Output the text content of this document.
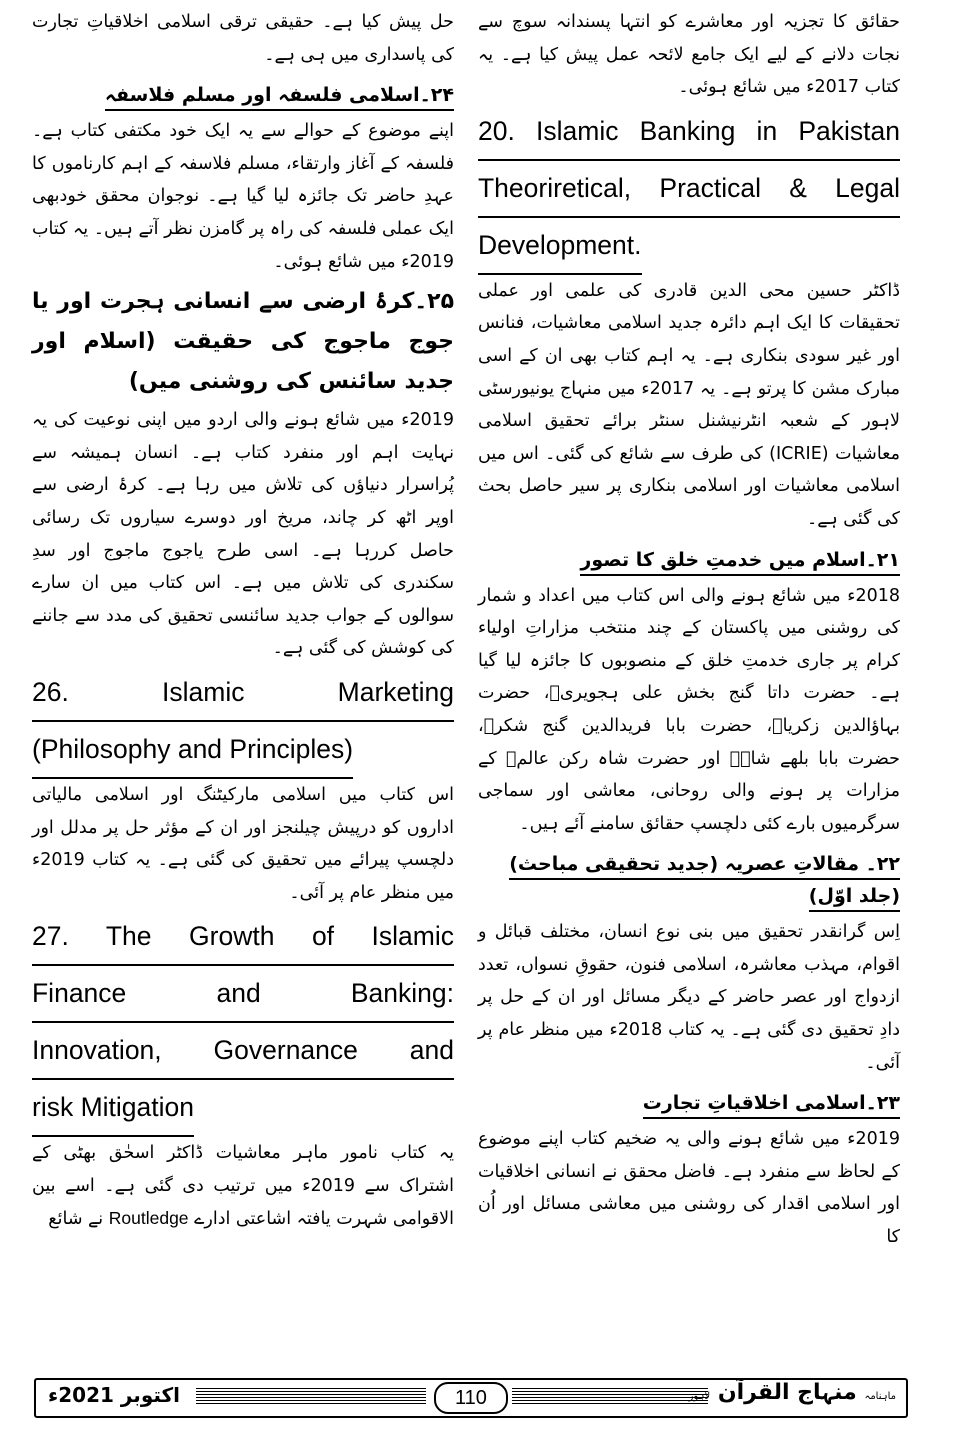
حقائق کا تجزیہ اور معاشرے کو انتہا پسندانہ سوچ سے نجات دلانے کے لیے ایک جامع لائحہ عمل پیش کیا ہے۔ یہ کتاب 2017ء میں شائع ہوئی۔

20. Islamic Banking in Pakistan
Theoriretical, Practical & Legal
Development.

ڈاکٹر حسین محی الدین قادری کی علمی اور عملی تحقیقات کا ایک اہم دائرہ جدید اسلامی معاشیات، فنانس اور غیر سودی بنکاری ہے۔ یہ اہم کتاب بھی ان کے اسی مبارک مشن کا پرتو ہے۔ یہ 2017ء میں منہاج یونیورسٹی لاہور کے شعبہ انٹرنیشنل سنٹر برائے تحقیق اسلامی معاشیات (ICRIE) کی طرف سے شائع کی گئی۔ اس میں اسلامی معاشیات اور اسلامی بنکاری پر سیر حاصل بحث کی گئی ہے۔

۲۱۔اسلام میں خدمتِ خلق کا تصور

2018ء میں شائع ہونے والی اس کتاب میں اعداد و شمار کی روشنی میں پاکستان کے چند منتخب مزاراتِ اولیاء کرام پر جاری خدمتِ خلق کے منصوبوں کا جائزہ لیا گیا ہے۔ حضرت داتا گنج بخش علی ہجویریؒ، حضرت بہاؤالدین زکریاؒ، حضرت بابا فریدالدین گنج شکرؒ، حضرت بابا بلھے شاہؒ اور حضرت شاہ رکن عالمؒ کے مزارات پر ہونے والی روحانی، معاشی اور سماجی سرگرمیوں بارے کئی دلچسپ حقائق سامنے آئے ہیں۔

۲۲۔ مقالاتِ عصریہ (جدید تحقیقی مباحث) (جلد اوّل)

اِس گرانقدر تحقیق میں بنی نوع انسان، مختلف قبائل و اقوام، مہذب معاشرہ، اسلامی فنون، حقوقِ نسواں، تعدد ازدواج اور عصر حاضر کے دیگر مسائل اور ان کے حل پر دادِ تحقیق دی گئی ہے۔ یہ کتاب 2018ء میں منظر عام پر آئی۔

۲۳۔اسلامی اخلاقیاتِ تجارت

2019ء میں شائع ہونے والی یہ ضخیم کتاب اپنے موضوع کے لحاظ سے منفرد ہے۔ فاضل محقق نے انسانی اخلاقیات اور اسلامی اقدار کی روشنی میں معاشی مسائل اور اُن کا

حل پیش کیا ہے۔ حقیقی ترقی اسلامی اخلاقیاتِ تجارت کی پاسداری میں ہی ہے۔

۲۴۔اسلامی فلسفہ اور مسلم فلاسفہ

اپنے موضوع کے حوالے سے یہ ایک خود مکتفی کتاب ہے۔ فلسفہ کے آغاز وارتقاء، مسلم فلاسفہ کے اہم کارناموں کا عہدِ حاضر تک جائزہ لیا گیا ہے۔ نوجوان محقق خودبھی ایک عملی فلسفہ کی راہ پر گامزن نظر آتے ہیں۔ یہ کتاب 2019ء میں شائع ہوئی۔

۲۵۔کرۂ ارضی سے انسانی ہجرت اور یا جوج ماجوج کی حقیقت (اسلام اور جدید سائنس کی روشنی میں)

2019ء میں شائع ہونے والی اردو میں اپنی نوعیت کی یہ نہایت اہم اور منفرد کتاب ہے۔ انسان ہمیشہ سے پُراسرار دنیاؤں کی تلاش میں رہا ہے۔ کرۂ ارضی سے اوپر اٹھ کر چاند، مریخ اور دوسرے سیاروں تک رسائی حاصل کررہا ہے۔ اسی طرح یاجوج ماجوج اور سدِ سکندری کی تلاش میں ہے۔ اس کتاب میں ان سارے سوالوں کے جواب جدید سائنسی تحقیق کی مدد سے جاننے کی کوشش کی گئی ہے۔

26. Islamic Marketing
(Philosophy and Principles)

اس کتاب میں اسلامی مارکیٹنگ اور اسلامی مالیاتی اداروں کو درپیش چیلنجز اور ان کے مؤثر حل پر مدلل اور دلچسپ پیرائے میں تحقیق کی گئی ہے۔ یہ کتاب 2019ء میں منظر عام پر آئی۔

27. The Growth of Islamic
Finance and Banking:
Innovation, Governance and
risk Mitigation

یہ کتاب نامور ماہر معاشیات ڈاکٹر اسحٰق بھٹی کے اشتراک سے 2019ء میں ترتیب دی گئی ہے۔ اسے بین الاقوامی شہرت یافتہ اشاعتی ادارے Routledge نے شائع

اکتوبر 2021ء	110	ماہنامہ منہاج القرآن لاہور
